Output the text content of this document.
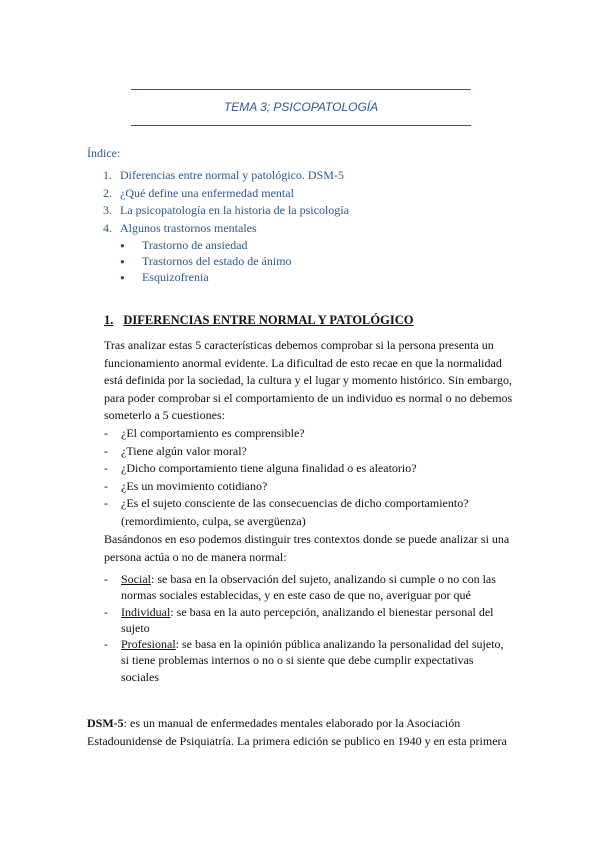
TEMA 3; PSICOPATOLOGÍA
Índice:
1. Diferencias entre normal y patológico. DSM-5
2. ¿Qué define una enfermedad mental
3. La psicopatología en la historia de la psicología
4. Algunos trastornos mentales
● Trastorno de ansiedad
● Trastornos del estado de ánimo
● Esquizofrenia
1. DIFERENCIAS ENTRE NORMAL Y PATOLÓGICO

Tras analizar estas 5 características debemos comprobar si la persona presenta un funcionamiento anormal evidente. La dificultad de esto recae en que la normalidad está definida por la sociedad, la cultura y el lugar y momento histórico. Sin embargo, para poder comprobar si el comportamiento de un individuo es normal o no debemos someterlo a 5 cuestiones:

- ¿El comportamiento es comprensible?
- ¿Tiene algún valor moral?
- ¿Dicho comportamiento tiene alguna finalidad o es aleatorio?
- ¿Es un movimiento cotidiano?
- ¿Es el sujeto consciente de las consecuencias de dicho comportamiento? (remordimiento, culpa, se avergüenza)

Basándonos en eso podemos distinguir tres contextos donde se puede analizar si una persona actúa o no de manera normal:

- Social: se basa en la observación del sujeto, analizando si cumple o no con las normas sociales establecidas, y en este caso de que no, averiguar por qué
- Individual: se basa en la auto percepción, analizando el bienestar personal del sujeto
- Profesional: se basa en la opinión pública analizando la personalidad del sujeto, si tiene problemas internos o no o si siente que debe cumplir expectativas sociales

DSM-5: es un manual de enfermedades mentales elaborado por la Asociación Estadounidense de Psiquiatría. La primera edición se publico en 1940 y en esta primera
